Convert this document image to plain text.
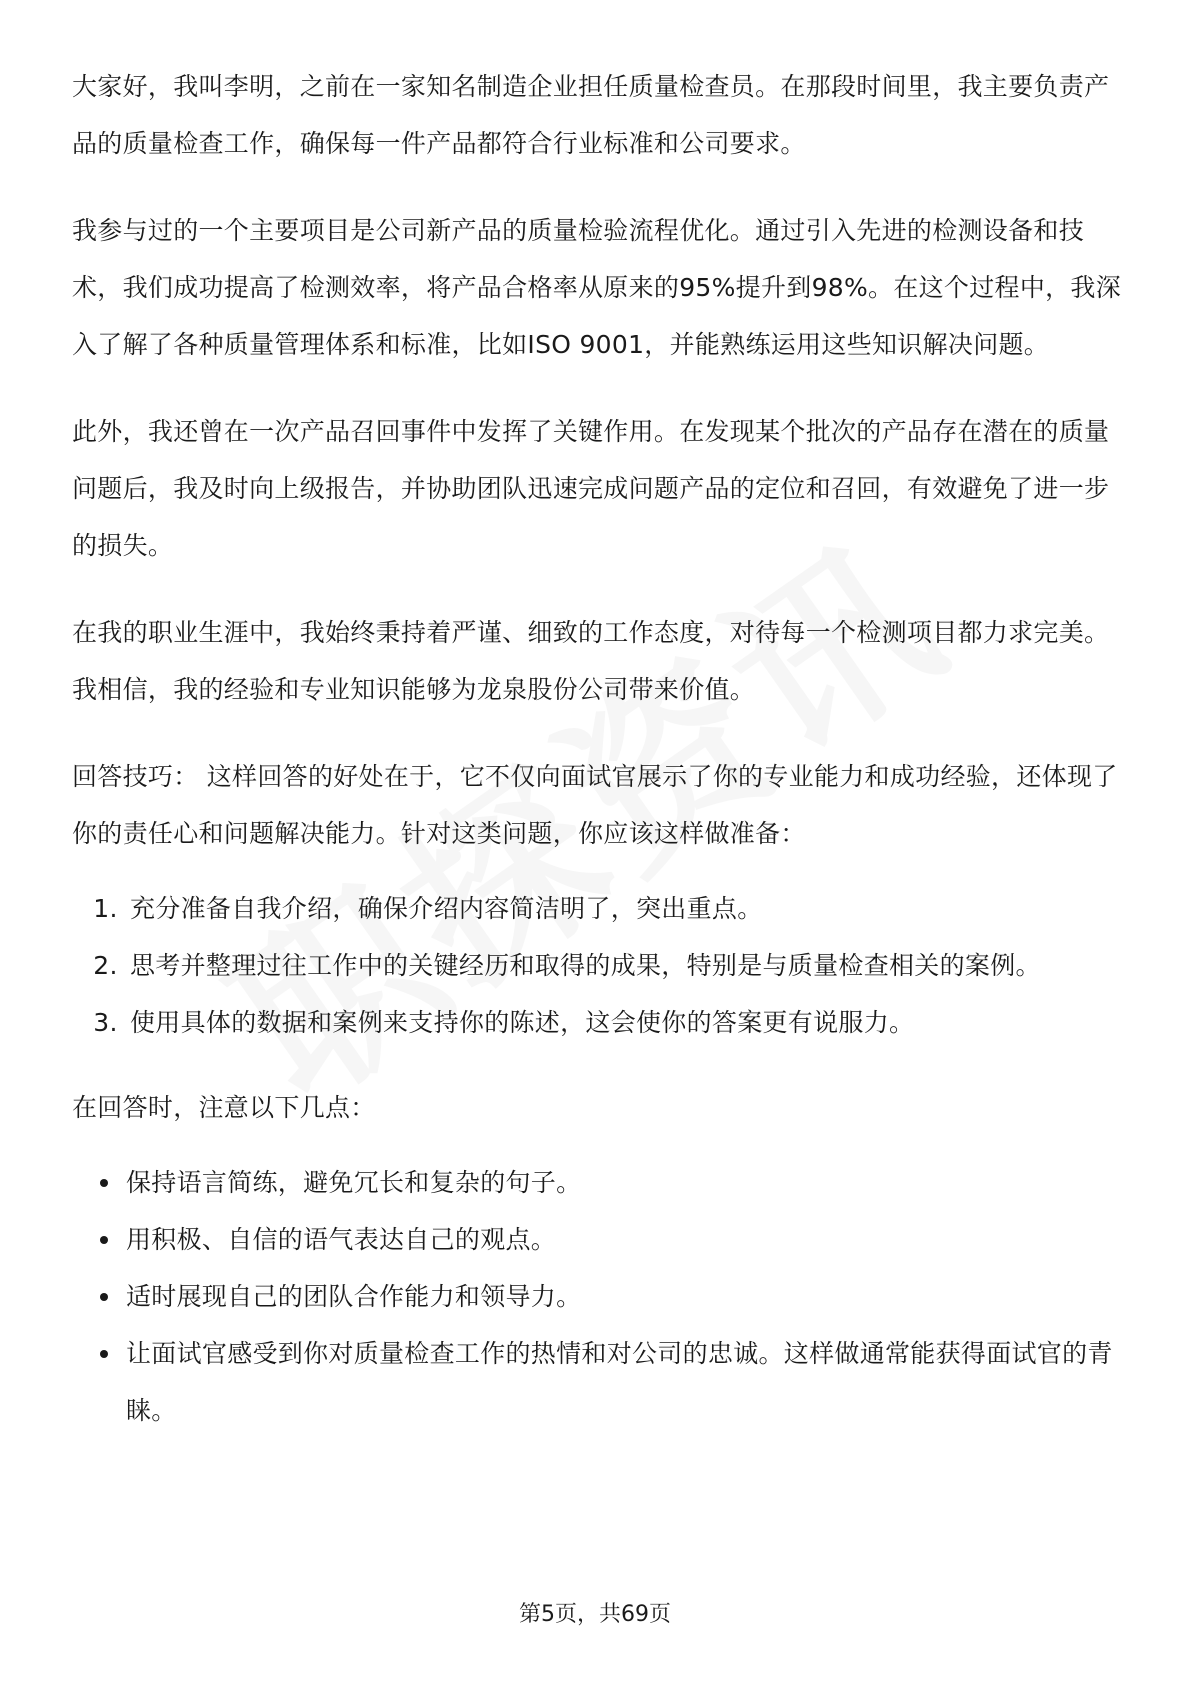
大家好，我叫李明，之前在一家知名制造企业担任质量检查员。在那段时间里，我主要负责产品的质量检查工作，确保每一件产品都符合行业标准和公司要求。

我参与过的一个主要项目是公司新产品的质量检验流程优化。通过引入先进的检测设备和技术，我们成功提高了检测效率，将产品合格率从原来的95%提升到98%。在这个过程中，我深入了解了各种质量管理体系和标准，比如ISO 9001，并能熟练运用这些知识解决问题。

此外，我还曾在一次产品召回事件中发挥了关键作用。在发现某个批次的产品存在潜在的质量问题后，我及时向上级报告，并协助团队迅速完成问题产品的定位和召回，有效避免了进一步的损失。

在我的职业生涯中，我始终秉持着严谨、细致的工作态度，对待每一个检测项目都力求完美。我相信，我的经验和专业知识能够为龙泉股份公司带来价值。

回答技巧： 这样回答的好处在于，它不仅向面试官展示了你的专业能力和成功经验，还体现了你的责任心和问题解决能力。针对这类问题，你应该这样做准备：

1. 充分准备自我介绍，确保介绍内容简洁明了，突出重点。
2. 思考并整理过往工作中的关键经历和取得的成果，特别是与质量检查相关的案例。
3. 使用具体的数据和案例来支持你的陈述，这会使你的答案更有说服力。

在回答时，注意以下几点：

保持语言简练，避免冗长和复杂的句子。
用积极、自信的语气表达自己的观点。
适时展现自己的团队合作能力和领导力。
让面试官感受到你对质量检查工作的热情和对公司的忠诚。这样做通常能获得面试官的青睐。
第5页，共69页
